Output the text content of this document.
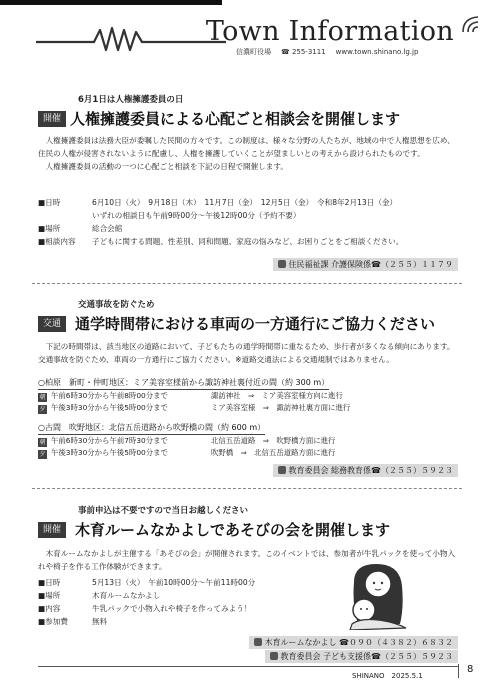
Town Information
信濃町役場 ☎ 255-3111 www.town.shinano.lg.jp
開催
6月1日は人権擁護委員の日
人権擁護委員による心配ごと相談会を開催します
　人権擁護委員は法務大臣が委嘱した民間の方々です。この制度は、様々な分野の人たちが、地域の中で人権思想を広め、住民の人権が侵害されないように配慮し、人権を擁護していくことが望ましいとの考えから設けられたものです。
　人権擁護委員の活動の一つに心配ごと相談を下記の日程で開催します。
■日時	6月10日（火）　9月18日（木）　11月7日（金）　12月5日（金）　令和8年2月13日（金）
いずれの相談日も午前9時00分～午後12時00分（予約不要）
■場所	総合会館
■相談内容 子どもに関する問題、性差別、同和問題、家庭の悩みなど、お困りごとをご相談ください。
住民福祉課 介護保険係☎（２５５）１１７９
交通
交通事故を防ぐため
通学時間帯における車両の一方通行にご協力ください
　下記の時間帯は、該当地区の道路において、子どもたちの通学時間帯に重なるため、歩行者が多くなる傾向にあります。交通事故を防ぐため、車両の一方通行にご協力ください。※道路交通法による交通規制ではありません。
○柏原　新町・仲町地区：ミア美容室様前から諏訪神社裏付近の間（約 300 m）
朝 午前6時30分から午前8時00分まで	諏訪神社　⇒　ミア美容室様方向に進行
夕 午後3時30分から午後5時00分まで	ミア美容室様　⇒　諏訪神社裏方面に進行
○古間　吹野地区：北信五岳道路から吹野橋の間（約 600 m）
朝 午前6時30分から午前7時30分まで	北信五岳道路　⇒　吹野橋方面に進行
夕 午後3時30分から午後5時00分まで	吹野橋　⇒　北信五岳道路方面に進行
教育委員会 総務教育係☎（２５５）５９２３
開催
事前申込は不要ですので当日お越しください
木育ルームなかよしであそびの会を開催します
　木育ルームなかよしが主催する「あそびの会」が開催されます。このイベントでは、参加者が牛乳パックを使って小物入れや椅子を作る工作体験ができます。
■日時	5月13日（火）　午前10時00分～午前11時00分
■場所	木育ルームなかよし
■内容	牛乳パックで小物入れや椅子を作ってみよう！
■参加費	無料
木育ルームなかよし ☎０９０（４３８２）６８３２
教育委員会 子ども支援係☎（２５５）５９２３
SHINANO　2025.5.1
8
